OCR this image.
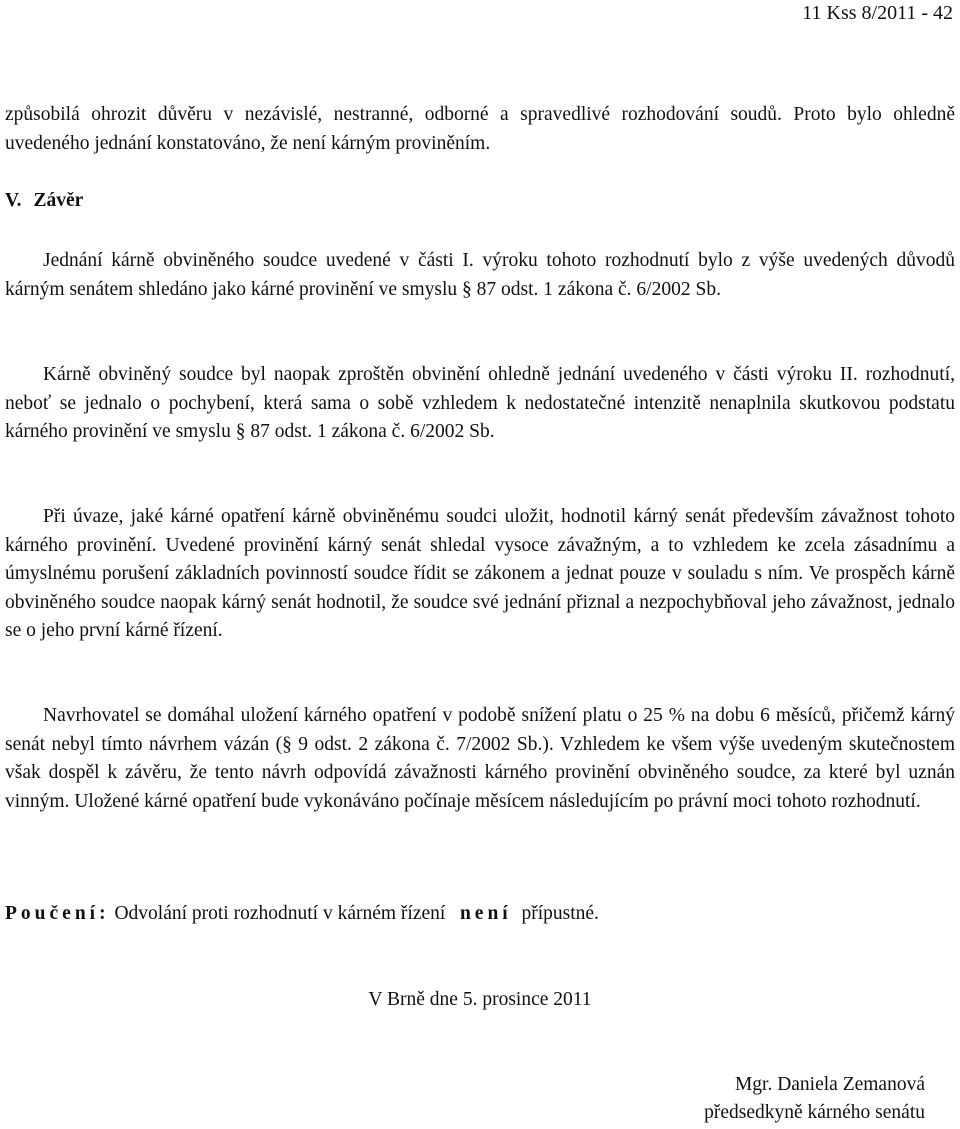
11 Kss 8/2011 - 42

způsobilá ohrozit důvěru v nezávislé, nestranné, odborné a spravedlivé rozhodování soudů. Proto bylo ohledně uvedeného jednání konstatováno, že není kárným proviněním.

V. Závěr

Jednání kárně obviněného soudce uvedené v části I. výroku tohoto rozhodnutí bylo z výše uvedených důvodů kárným senátem shledáno jako kárné provinění ve smyslu § 87 odst. 1 zákona č. 6/2002 Sb.

Kárně obviněný soudce byl naopak zproštěn obvinění ohledně jednání uvedeného v části výroku II. rozhodnutí, neboť se jednalo o pochybení, která sama o sobě vzhledem k nedostatečné intenzitě nenaplnila skutkovou podstatu kárného provinění ve smyslu § 87 odst. 1 zákona č. 6/2002 Sb.

Při úvaze, jaké kárné opatření kárně obviněnému soudci uložit, hodnotil kárný senát především závažnost tohoto kárného provinění. Uvedené provinění kárný senát shledal vysoce závažným, a to vzhledem ke zcela zásadnímu a úmyslnému porušení základních povinností soudce řídit se zákonem a jednat pouze v souladu s ním. Ve prospěch kárně obviněného soudce naopak kárný senát hodnotil, že soudce své jednání přiznal a nezpochybňoval jeho závažnost, jednalo se o jeho první kárné řízení.

Navrhovatel se domáhal uložení kárného opatření v podobě snížení platu o 25 % na dobu 6 měsíců, přičemž kárný senát nebyl tímto návrhem vázán (§ 9 odst. 2 zákona č. 7/2002 Sb.). Vzhledem ke všem výše uvedeným skutečnostem však dospěl k závěru, že tento návrh odpovídá závažnosti kárného provinění obviněného soudce, za které byl uznán vinným. Uložené kárné opatření bude vykonáváno počínaje měsícem následujícím po právní moci tohoto rozhodnutí.

Poučení: Odvolání proti rozhodnutí v kárném řízení není přípustné.
V Brně dne 5. prosince 2011
Mgr. Daniela Zemanová
předsedkyně kárného senátu
